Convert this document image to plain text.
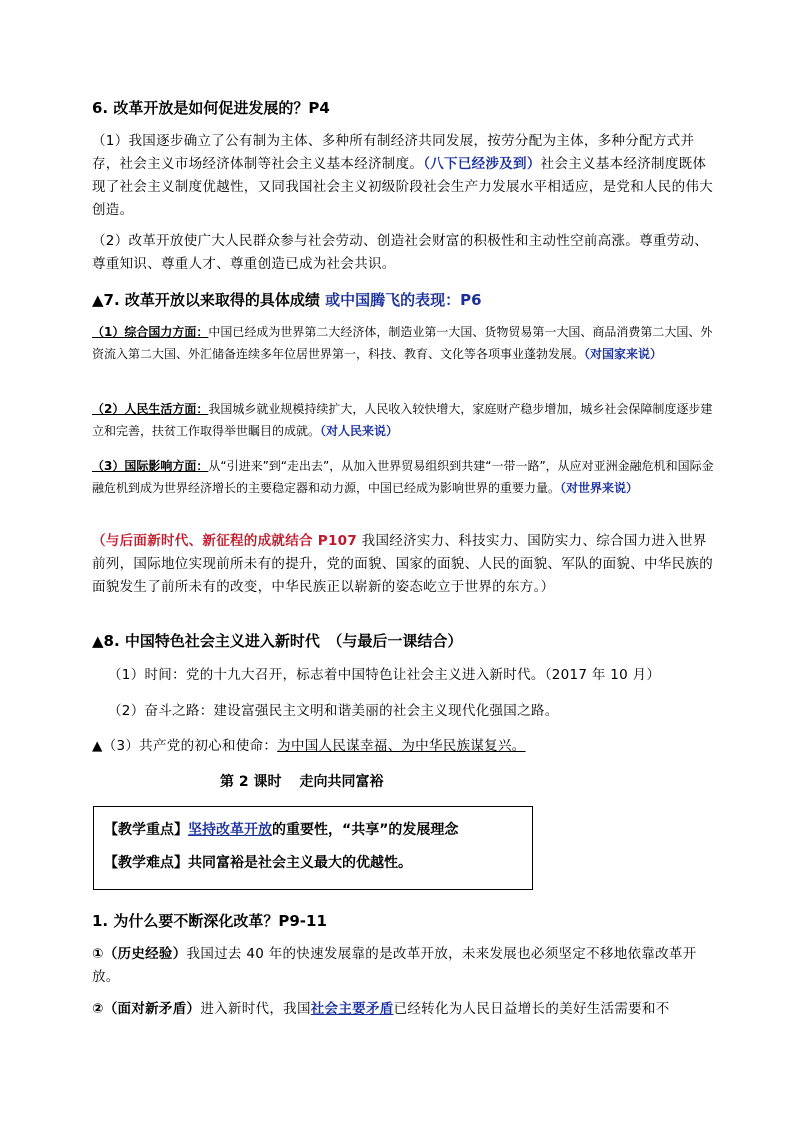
6. 改革开放是如何促进发展的？P4
（1）我国逐步确立了公有制为主体、多种所有制经济共同发展，按劳分配为主体，多种分配方式并存，社会主义市场经济体制等社会主义基本经济制度。（八下已经涉及到）社会主义基本经济制度既体现了社会主义制度优越性，又同我国社会主义初级阶段社会生产力发展水平相适应，是党和人民的伟大创造。
（2）改革开放使广大人民群众参与社会劳动、创造社会财富的积极性和主动性空前高涨。尊重劳动、尊重知识、尊重人才、尊重创造已成为社会共识。
▲7. 改革开放以来取得的具体成绩 或中国腾飞的表现：P6
（1）综合国力方面：中国已经成为世界第二大经济体，制造业第一大国、货物贸易第一大国、商品消费第二大国、外资流入第二大国、外汇储备连续多年位居世界第一，科技、教育、文化等各项事业蓬勃发展。（对国家来说）
（2）人民生活方面：我国城乡就业规模持续扩大，人民收入较快增大，家庭财产稳步增加，城乡社会保障制度逐步建立和完善，扶贫工作取得举世瞩目的成就。（对人民来说）
（3）国际影响方面：从“引进来”到“走出去”，从加入世界贸易组织到共建“一带一路”，从应对亚洲金融危机和国际金融危机到成为世界经济增长的主要稳定器和动力源，中国已经成为影响世界的重要力量。（对世界来说）
（与后面新时代、新征程的成就结合 P107 我国经济实力、科技实力、国防实力、综合国力进入世界前列，国际地位实现前所未有的提升，党的面貌、国家的面貌、人民的面貌、军队的面貌、中华民族的面貌发生了前所未有的改变，中华民族正以崭新的姿态屹立于世界的东方。）
▲8. 中国特色社会主义进入新时代　（与最后一课结合）
（1）时间：党的十九大召开，标志着中国特色让社会主义进入新时代。（2017 年 10 月）
（2）奋斗之路：建设富强民主文明和谐美丽的社会主义现代化强国之路。
▲（3）共产党的初心和使命：为中国人民谋幸福、为中华民族谋复兴。
第 2 课时 走向共同富裕
【教学重点】坚持改革开放的重要性，“共享”的发展理念
【教学难点】共同富裕是社会主义最大的优越性。
1. 为什么要不断深化改革？P9-11
①（历史经验）我国过去 40 年的快速发展靠的是改革开放，未来发展也必须坚定不移地依靠改革开放。
②（面对新矛盾）进入新时代，我国社会主要矛盾已经转化为人民日益增长的美好生活需要和不
